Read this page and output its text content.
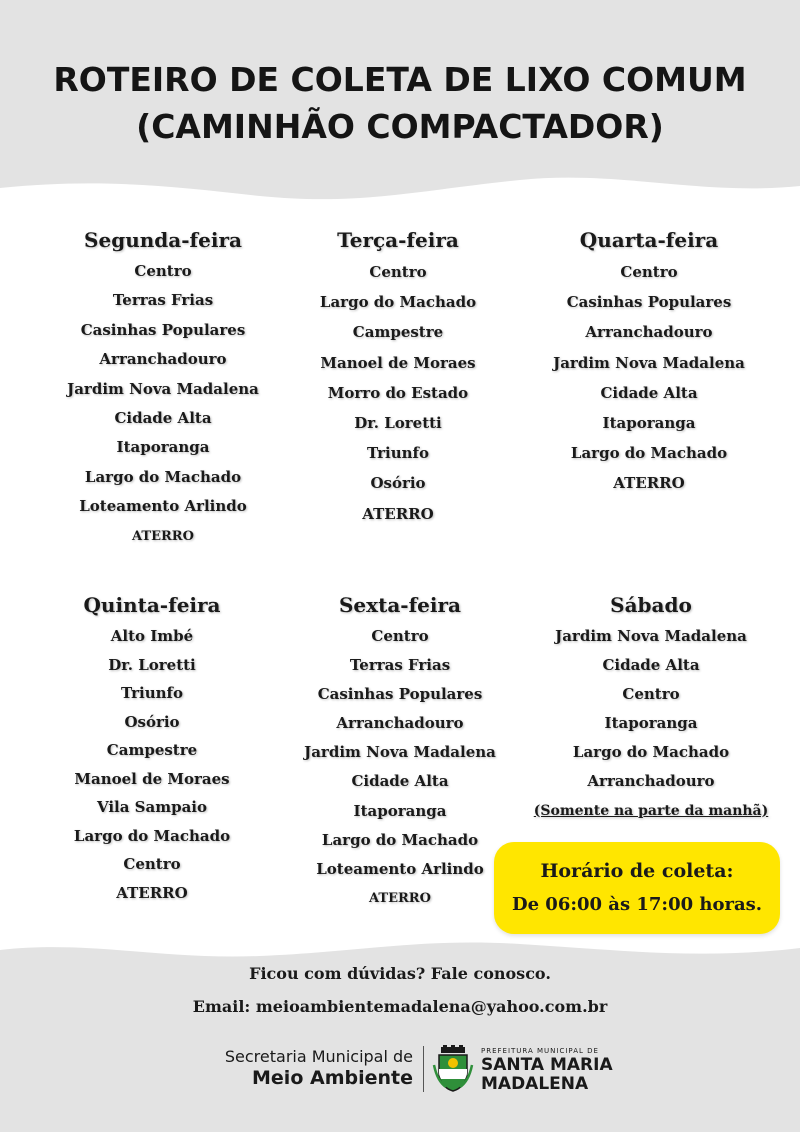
ROTEIRO DE COLETA DE LIXO COMUM
(CAMINHÃO COMPACTADOR)
Segunda-feira
Centro
Terras Frias
Casinhas Populares
Arranchadouro
Jardim Nova Madalena
Cidade Alta
Itaporanga
Largo do Machado
Loteamento Arlindo
ATERRO
Terça-feira
Centro
Largo do Machado
Campestre
Manoel de Moraes
Morro do Estado
Dr. Loretti
Triunfo
Osório
ATERRO
Quarta-feira
Centro
Casinhas Populares
Arranchadouro
Jardim Nova Madalena
Cidade Alta
Itaporanga
Largo do Machado
ATERRO
Quinta-feira
Alto Imbé
Dr. Loretti
Triunfo
Osório
Campestre
Manoel de Moraes
Vila Sampaio
Largo do Machado
Centro
ATERRO
Sexta-feira
Centro
Terras Frias
Casinhas Populares
Arranchadouro
Jardim Nova Madalena
Cidade Alta
Itaporanga
Largo do Machado
Loteamento Arlindo
ATERRO
Sábado
Jardim Nova Madalena
Cidade Alta
Centro
Itaporanga
Largo do Machado
Arranchadouro
(Somente na parte da manhã)
Horário de coleta:
De 06:00 às 17:00 horas.
Ficou com dúvidas? Fale conosco.
Email: meioambientemadalena@yahoo.com.br
Secretaria Municipal de
Meio Ambiente
PREFEITURA MUNICIPAL DE
SANTA MARIA
MADALENA
